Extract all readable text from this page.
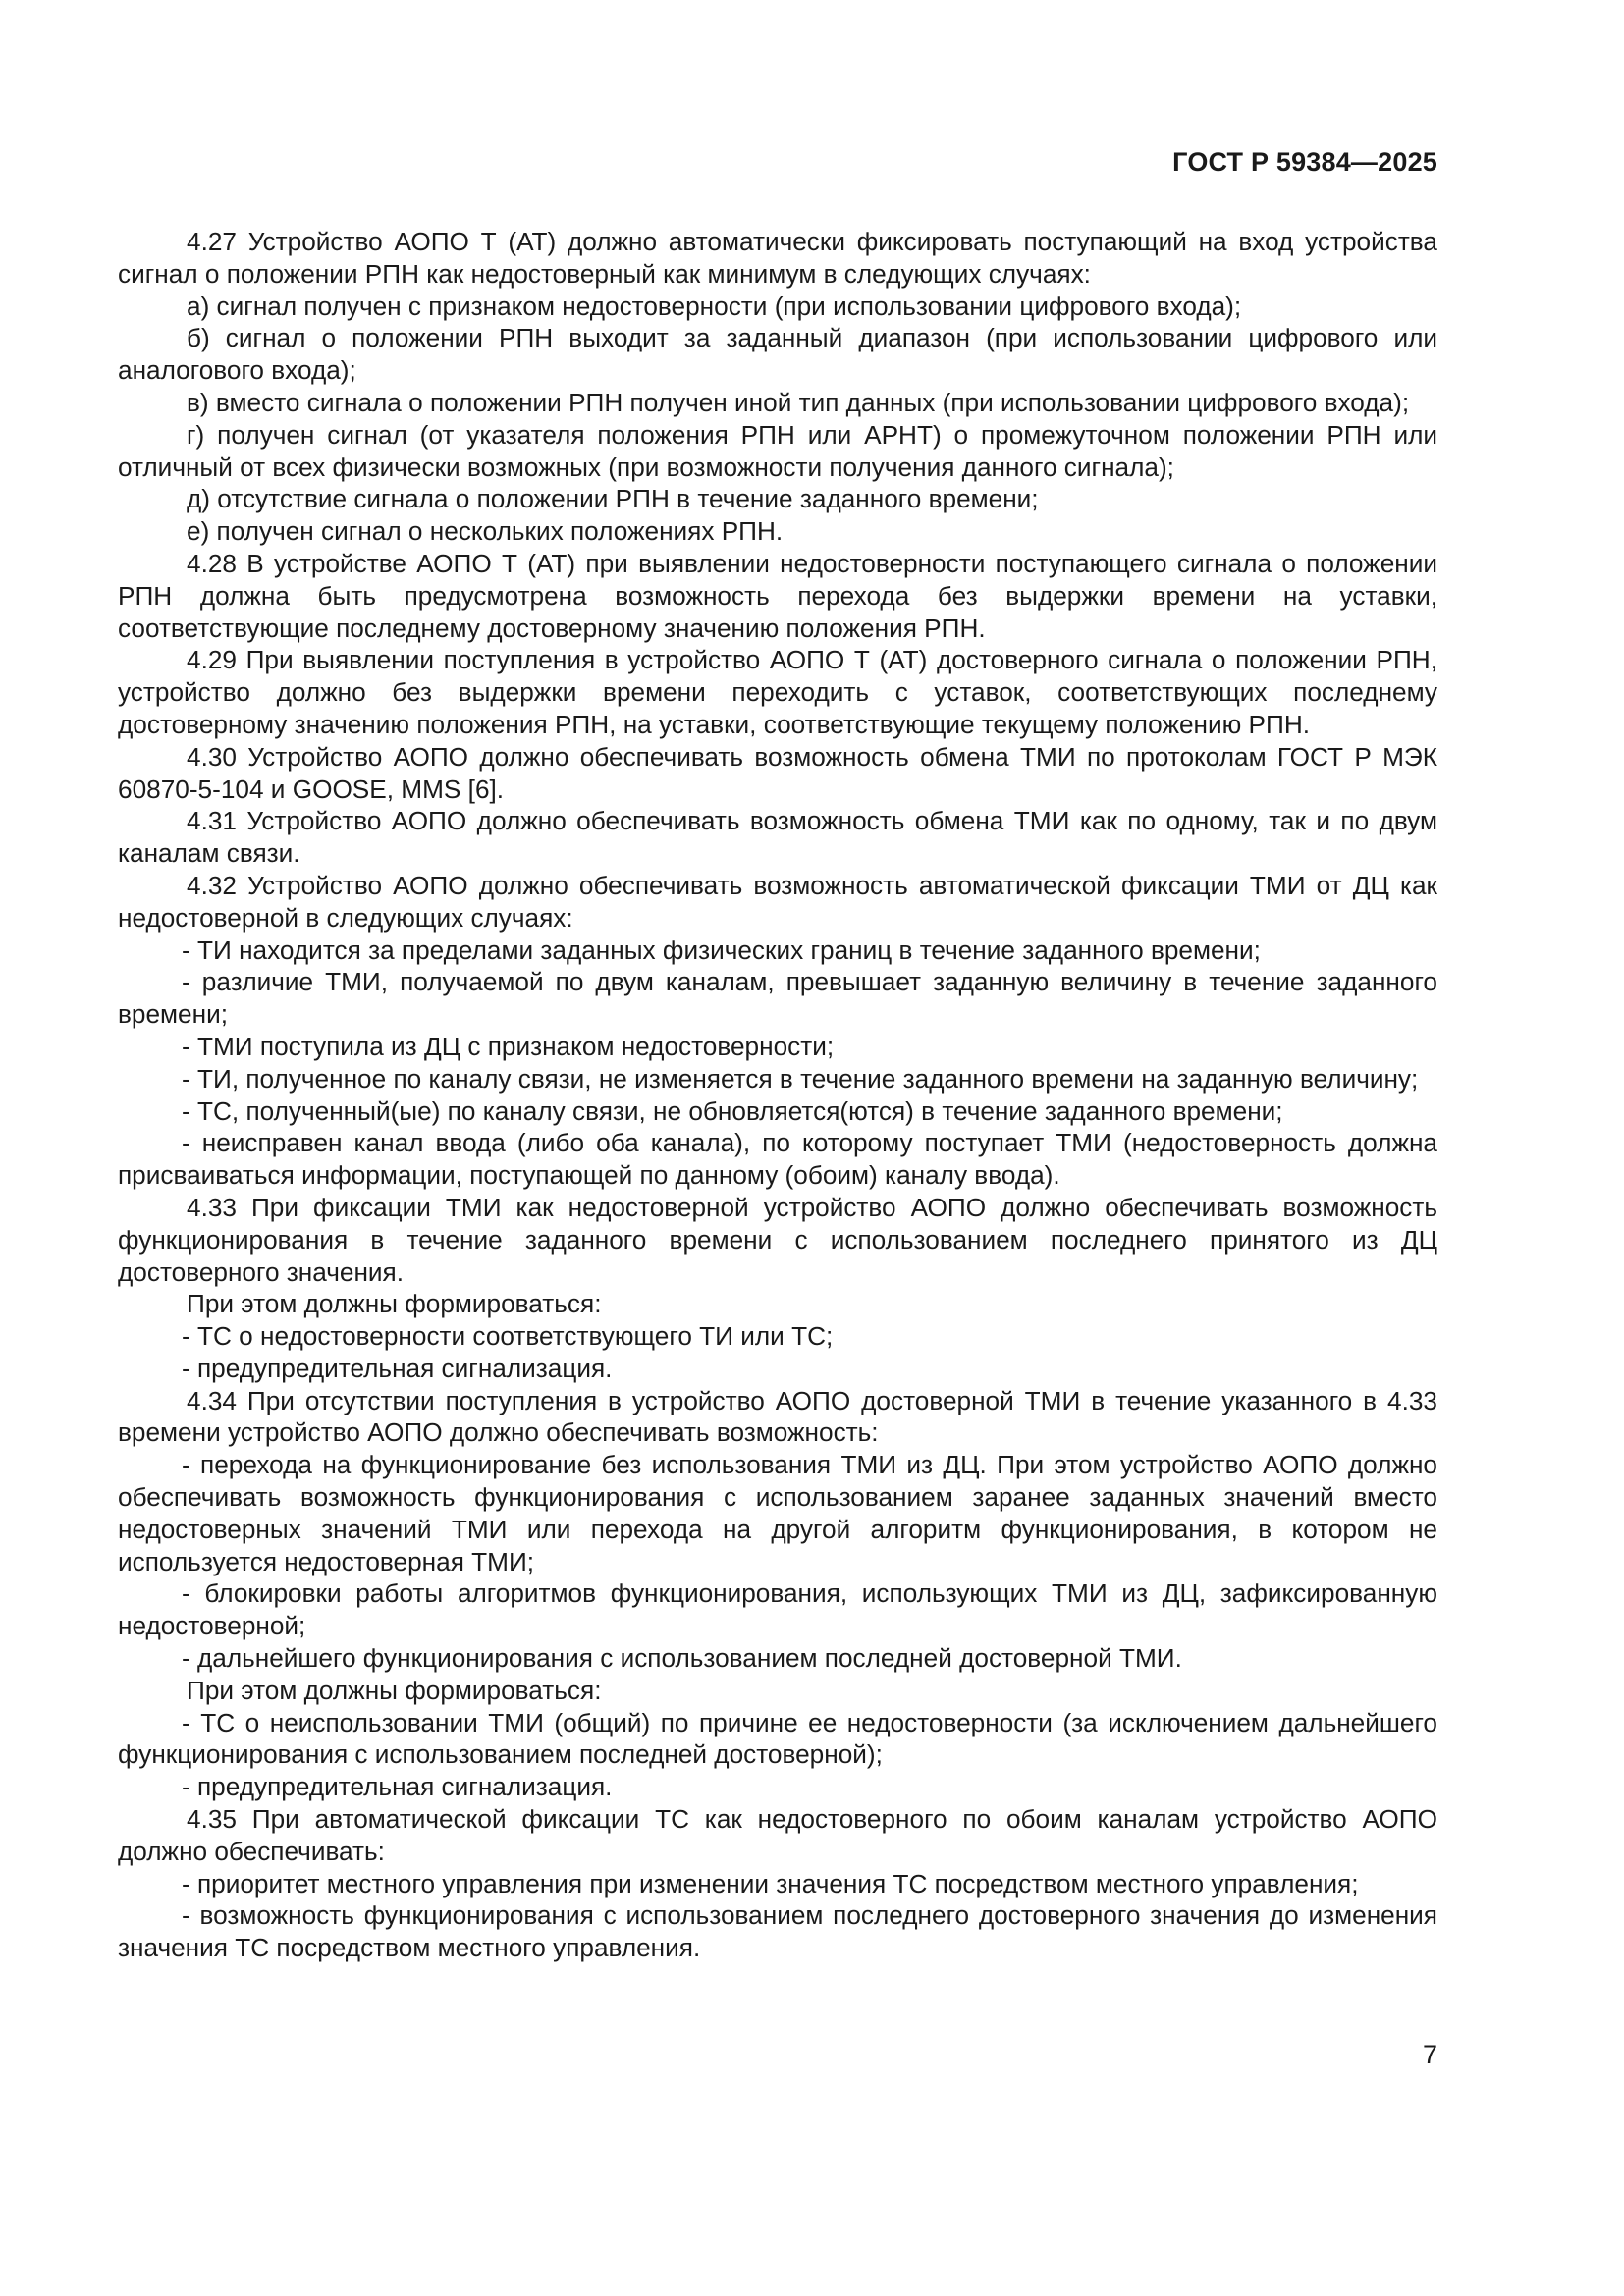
ГОСТ Р 59384—2025

4.27 Устройство АОПО Т (АТ) должно автоматически фиксировать поступающий на вход устройства сигнал о положении РПН как недостоверный как минимум в следующих случаях:

а) сигнал получен с признаком недостоверности (при использовании цифрового входа);

б) сигнал о положении РПН выходит за заданный диапазон (при использовании цифрового или аналогового входа);

в) вместо сигнала о положении РПН получен иной тип данных (при использовании цифрового входа);

г) получен сигнал (от указателя положения РПН или АРНТ) о промежуточном положении РПН или отличный от всех физически возможных (при возможности получения данного сигнала);

д) отсутствие сигнала о положении РПН в течение заданного времени;

е) получен сигнал о нескольких положениях РПН.

4.28 В устройстве АОПО Т (АТ) при выявлении недостоверности поступающего сигнала о положении РПН должна быть предусмотрена возможность перехода без выдержки времени на уставки, соответствующие последнему достоверному значению положения РПН.

4.29 При выявлении поступления в устройство АОПО Т (АТ) достоверного сигнала о положении РПН, устройство должно без выдержки времени переходить с уставок, соответствующих последнему достоверному значению положения РПН, на уставки, соответствующие текущему положению РПН.

4.30 Устройство АОПО должно обеспечивать возможность обмена ТМИ по протоколам ГОСТ Р МЭК 60870-5-104 и GOOSE, MMS [6].

4.31 Устройство АОПО должно обеспечивать возможность обмена ТМИ как по одному, так и по двум каналам связи.

4.32 Устройство АОПО должно обеспечивать возможность автоматической фиксации ТМИ от ДЦ как недостоверной в следующих случаях:

- ТИ находится за пределами заданных физических границ в течение заданного времени;

- различие ТМИ, получаемой по двум каналам, превышает заданную величину в течение заданного времени;

- ТМИ поступила из ДЦ с признаком недостоверности;

- ТИ, полученное по каналу связи, не изменяется в течение заданного времени на заданную величину;

- ТС, полученный(ые) по каналу связи, не обновляется(ются) в течение заданного времени;

- неисправен канал ввода (либо оба канала), по которому поступает ТМИ (недостоверность должна присваиваться информации, поступающей по данному (обоим) каналу ввода).

4.33 При фиксации ТМИ как недостоверной устройство АОПО должно обеспечивать возможность функционирования в течение заданного времени с использованием последнего принятого из ДЦ достоверного значения.

При этом должны формироваться:

- ТС о недостоверности соответствующего ТИ или ТС;

- предупредительная сигнализация.

4.34 При отсутствии поступления в устройство АОПО достоверной ТМИ в течение указанного в 4.33 времени устройство АОПО должно обеспечивать возможность:

- перехода на функционирование без использования ТМИ из ДЦ. При этом устройство АОПО должно обеспечивать возможность функционирования с использованием заранее заданных значений вместо недостоверных значений ТМИ или перехода на другой алгоритм функционирования, в котором не используется недостоверная ТМИ;

- блокировки работы алгоритмов функционирования, использующих ТМИ из ДЦ, зафиксированную недостоверной;

- дальнейшего функционирования с использованием последней достоверной ТМИ.

При этом должны формироваться:

- ТС о неиспользовании ТМИ (общий) по причине ее недостоверности (за исключением дальнейшего функционирования с использованием последней достоверной);

- предупредительная сигнализация.

4.35 При автоматической фиксации ТС как недостоверного по обоим каналам устройство АОПО должно обеспечивать:

- приоритет местного управления при изменении значения ТС посредством местного управления;

- возможность функционирования с использованием последнего достоверного значения до изменения значения ТС посредством местного управления.

7
